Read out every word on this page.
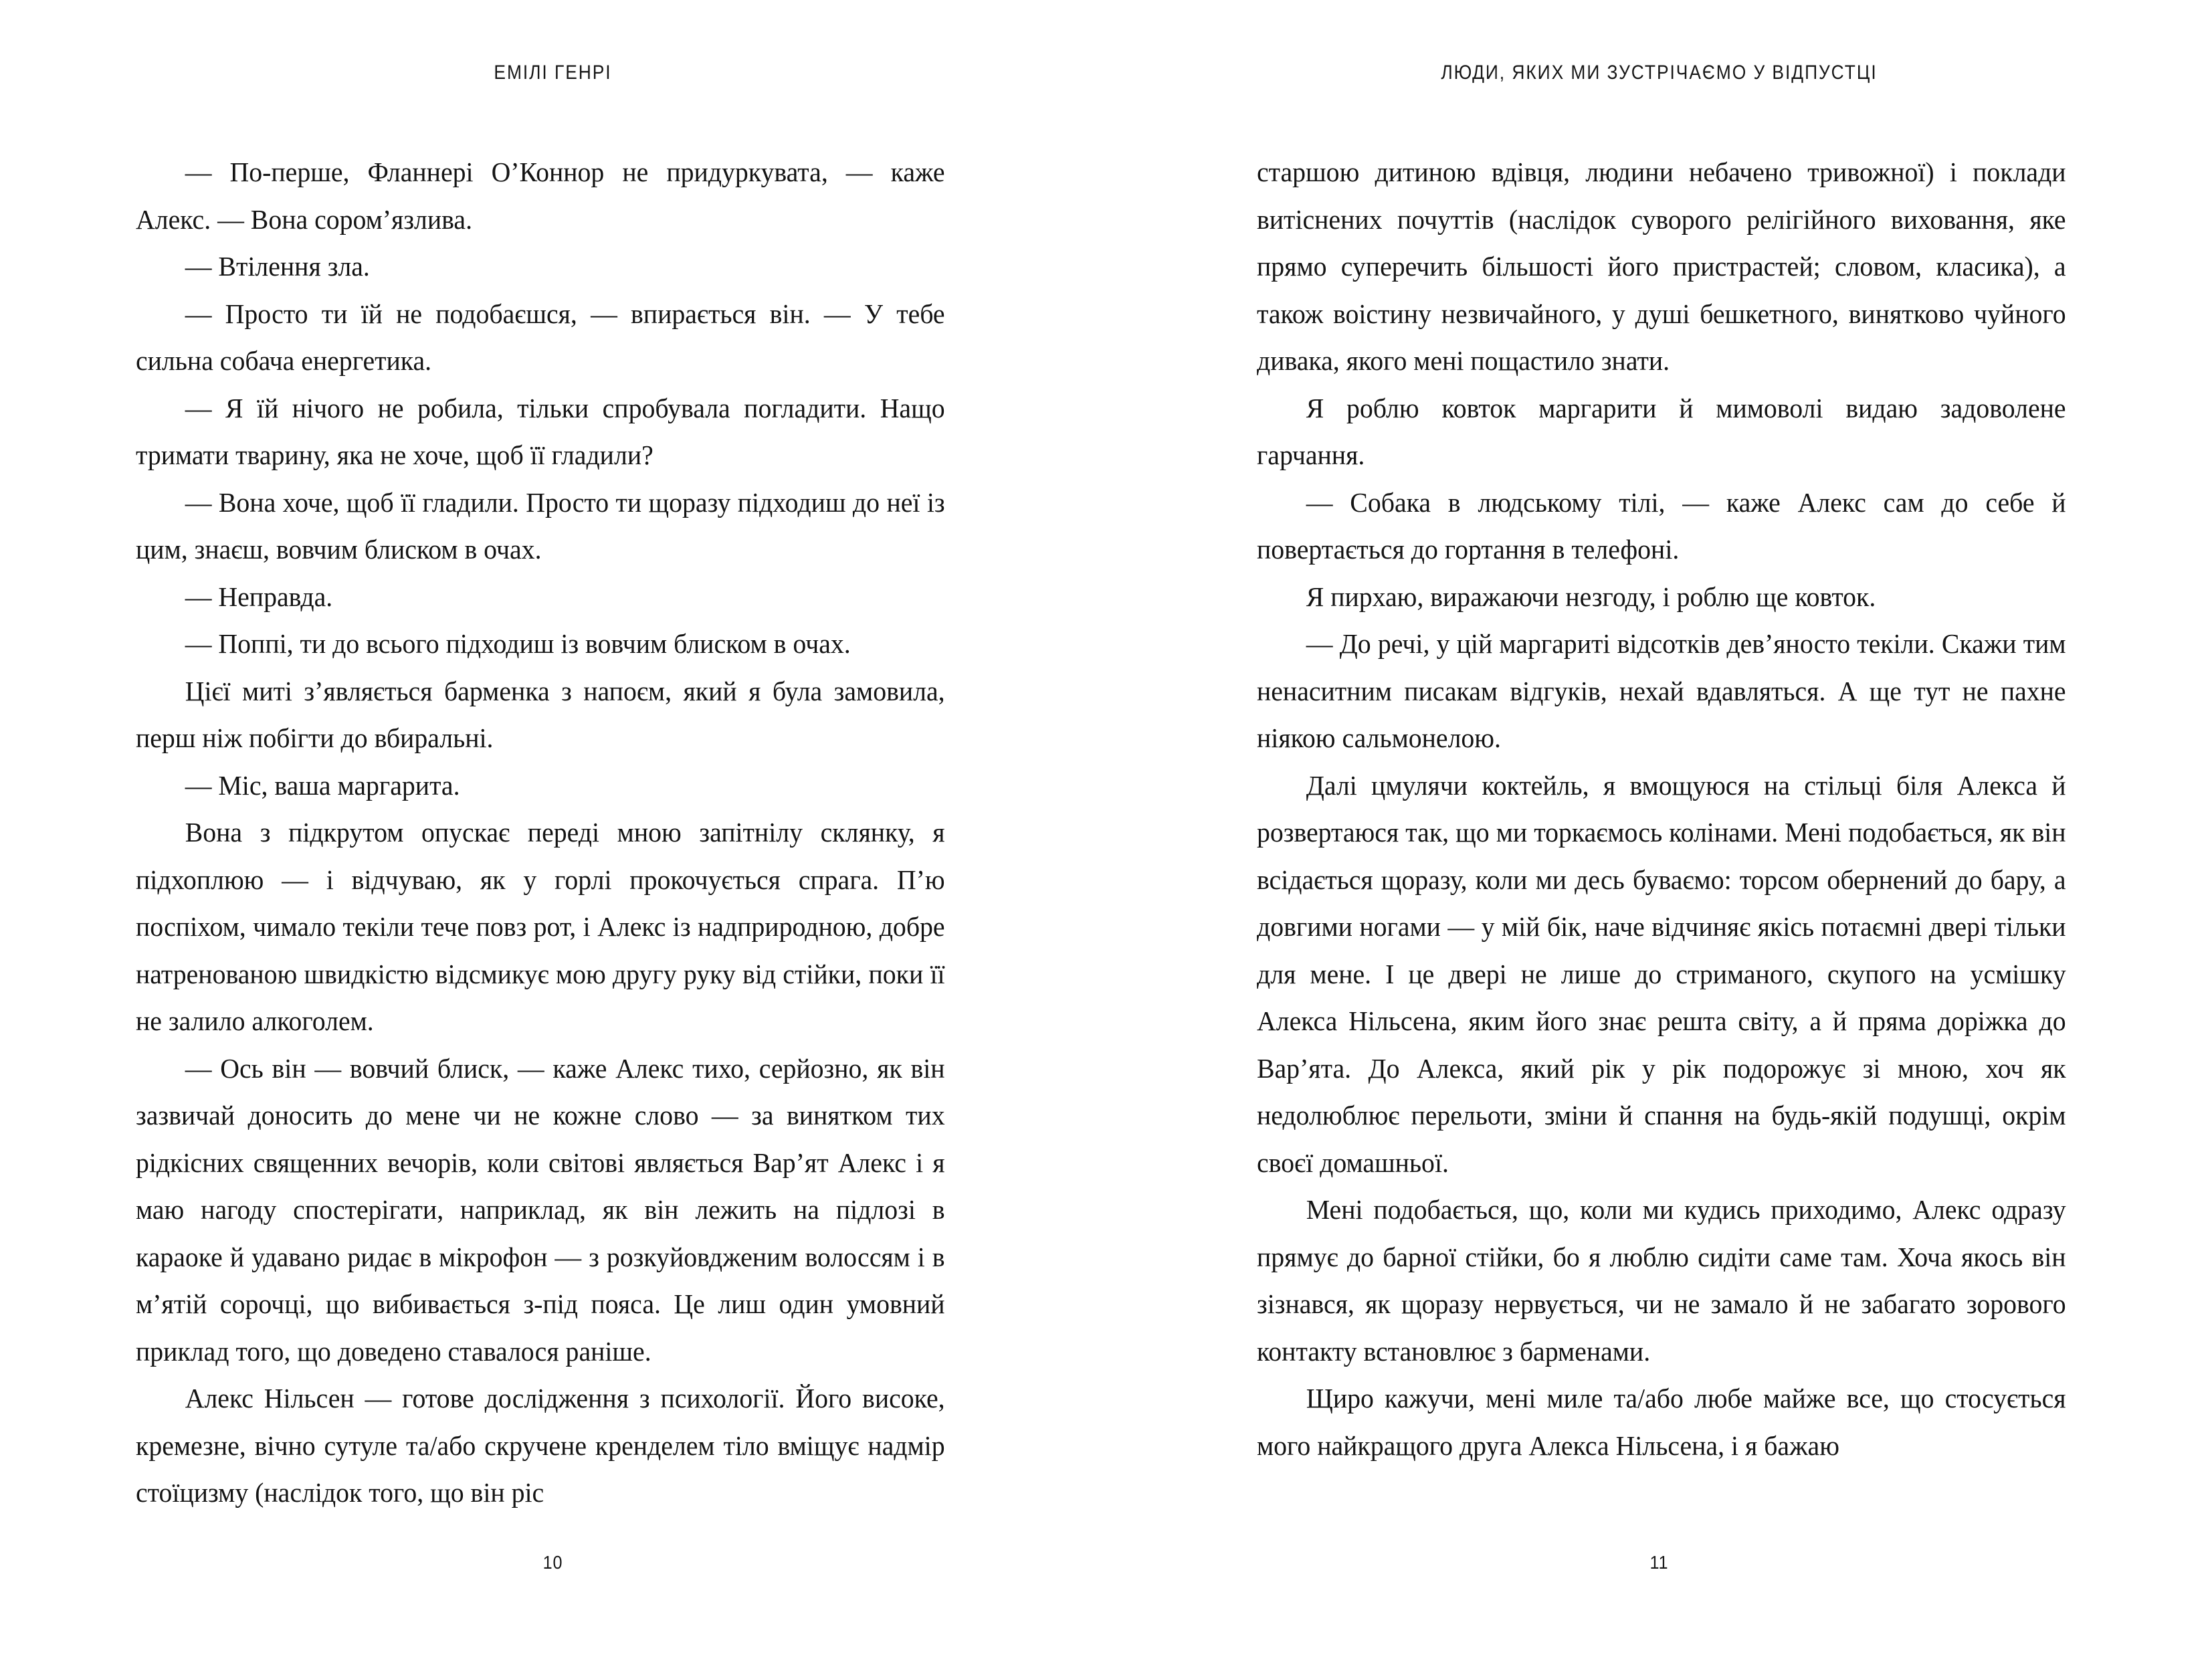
ЕМІЛІ ГЕНРІ

— По-перше, Фланнері О’Коннор не придуркувата, — каже Алекс. — Вона сором’язлива.

— Втілення зла.

— Просто ти їй не подобаєшся, — впирається він. — У тебе сильна собача енергетика.

— Я їй нічого не робила, тільки спробувала погладити. Нащо тримати тварину, яка не хоче, щоб її гладили?

— Вона хоче, щоб її гладили. Просто ти щоразу підходиш до неї із цим, знаєш, вовчим блиском в очах.

— Неправда.

— Поппі, ти до всього підходиш із вовчим блиском в очах.

Цієї миті з’являється барменка з напоєм, який я була замовила, перш ніж побігти до вбиральні.

— Міс, ваша маргарита.

Вона з підкрутом опускає переді мною запітнілу склянку, я підхоплюю — і відчуваю, як у горлі прокочується спрага. П’ю поспіхом, чимало текіли тече повз рот, і Алекс із надприродною, добре натренованою швидкістю відсмикує мою другу руку від стійки, поки її не залило алкоголем.

— Ось він — вовчий блиск, — каже Алекс тихо, серйозно, як він зазвичай доносить до мене чи не кожне слово — за винятком тих рідкісних священних вечорів, коли світові являється Вар’ят Алекс і я маю нагоду спостерігати, наприклад, як він лежить на підлозі в караоке й удавано ридає в мікрофон — з розкуйовдженим волоссям і в м’ятій сорочці, що вибивається з-під пояса. Це лиш один умовний приклад того, що доведено ставалося раніше.

Алекс Нільсен — готове дослідження з психології. Його високе, кремезне, вічно сутуле та/або скручене кренделем тіло вміщує надмір стоїцизму (наслідок того, що він ріс

10
ЛЮДИ, ЯКИХ МИ ЗУСТРІЧАЄМО У ВІДПУСТЦІ

старшою дитиною вдівця, людини небачено тривожної) і поклади витіснених почуттів (наслідок суворого релігійного виховання, яке прямо суперечить більшості його пристрастей; словом, класика), а також воістину незвичайного, у душі бешкетного, винятково чуйного дивака, якого мені пощастило знати.

Я роблю ковток маргарити й мимоволі видаю задоволене гарчання.

— Собака в людському тілі, — каже Алекс сам до себе й повертається до гортання в телефоні.

Я пирхаю, виражаючи незгоду, і роблю ще ковток.

— До речі, у цій маргариті відсотків дев’яносто текіли. Скажи тим ненаситним писакам відгуків, нехай вдавляться. А ще тут не пахне ніякою сальмонелою.

Далі цмулячи коктейль, я вмощуюся на стільці біля Алекса й розвертаюся так, що ми торкаємось колінами. Мені подобається, як він всідається щоразу, коли ми десь буваємо: торсом обернений до бару, а довгими ногами — у мій бік, наче відчиняє якісь потаємні двері тільки для мене. І це двері не лише до стриманого, скупого на усмішку Алекса Нільсена, яким його знає решта світу, а й пряма доріжка до Вар’ята. До Алекса, який рік у рік подорожує зі мною, хоч як недолюблює перельоти, зміни й спання на будь-якій подушці, окрім своєї домашньої.

Мені подобається, що, коли ми кудись приходимо, Алекс одразу прямує до барної стійки, бо я люблю сидіти саме там. Хоча якось він зізнався, як щоразу нервується, чи не замало й не забагато зорового контакту встановлює з барменами.

Щиро кажучи, мені миле та/або любе майже все, що стосується мого найкращого друга Алекса Нільсена, і я бажаю

11
